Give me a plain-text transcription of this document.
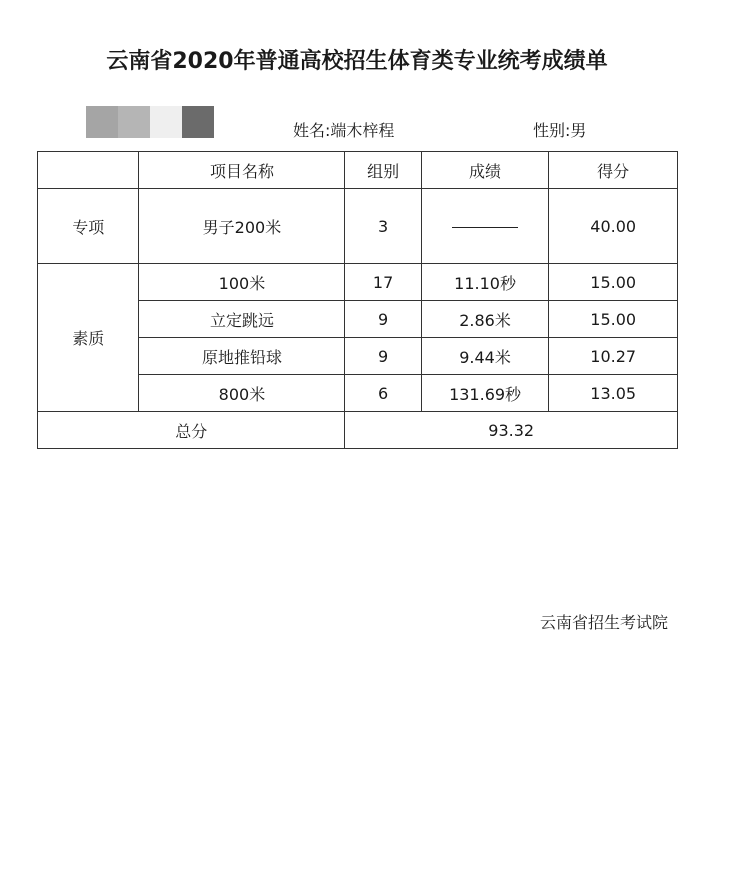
云南省2020年普通高校招生体育类专业统考成绩单
姓名:端木梓程	性别:男
	项目名称	组别	成绩	得分
专项	男子200米	3		40.00
素质	100米	17	11.10秒	15.00
	立定跳远	9	2.86米	15.00
	原地推铅球	9	9.44米	10.27
	800米	6	131.69秒	13.05
总分		93.32		
云南省招生考试院
